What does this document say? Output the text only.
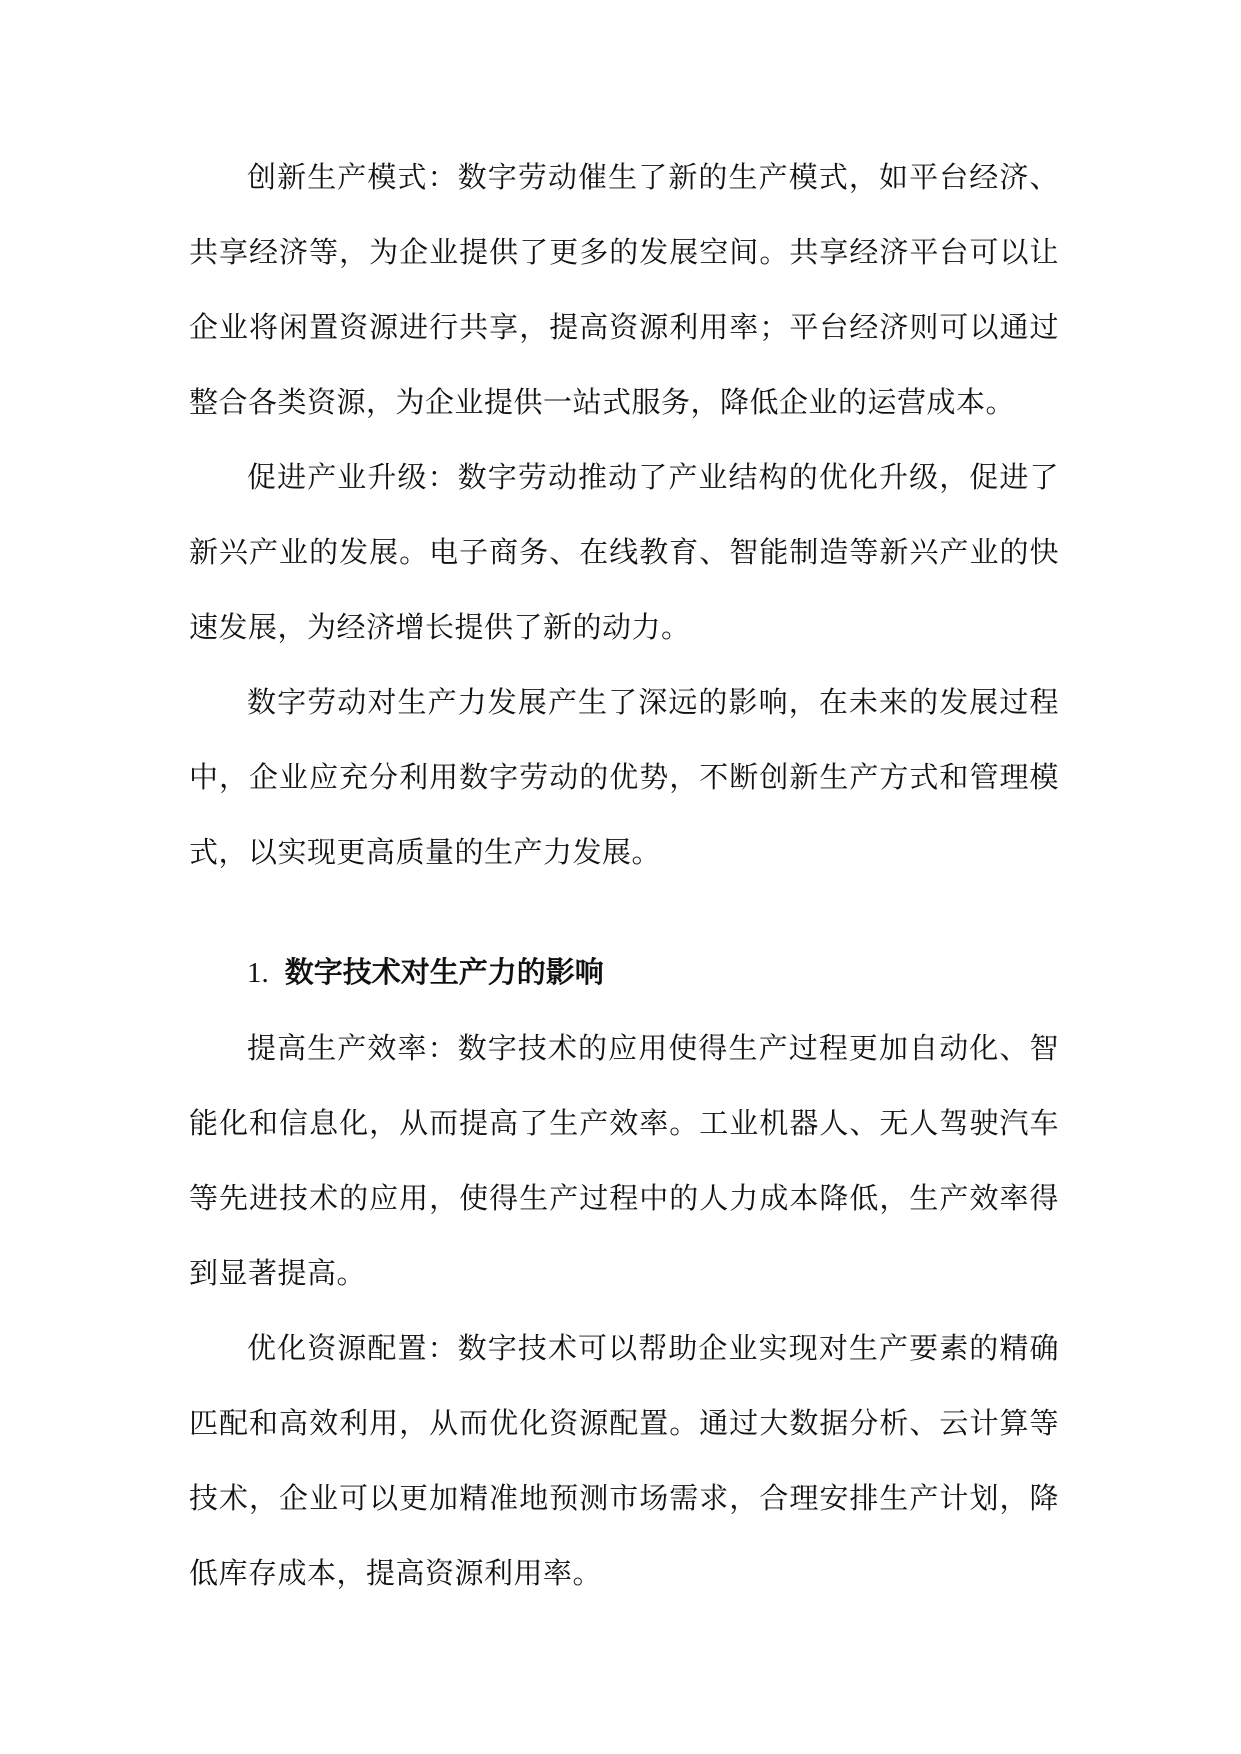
创新生产模式：数字劳动催生了新的生产模式，如平台经济、共享经济等，为企业提供了更多的发展空间。共享经济平台可以让企业将闲置资源进行共享，提高资源利用率；平台经济则可以通过整合各类资源，为企业提供一站式服务，降低企业的运营成本。

促进产业升级：数字劳动推动了产业结构的优化升级，促进了新兴产业的发展。电子商务、在线教育、智能制造等新兴产业的快速发展，为经济增长提供了新的动力。

数字劳动对生产力发展产生了深远的影响，在未来的发展过程中，企业应充分利用数字劳动的优势，不断创新生产方式和管理模式，以实现更高质量的生产力发展。

1. 数字技术对生产力的影响

提高生产效率：数字技术的应用使得生产过程更加自动化、智能化和信息化，从而提高了生产效率。工业机器人、无人驾驶汽车等先进技术的应用，使得生产过程中的人力成本降低，生产效率得到显著提高。

优化资源配置：数字技术可以帮助企业实现对生产要素的精确匹配和高效利用，从而优化资源配置。通过大数据分析、云计算等技术，企业可以更加精准地预测市场需求，合理安排生产计划，降低库存成本，提高资源利用率。
